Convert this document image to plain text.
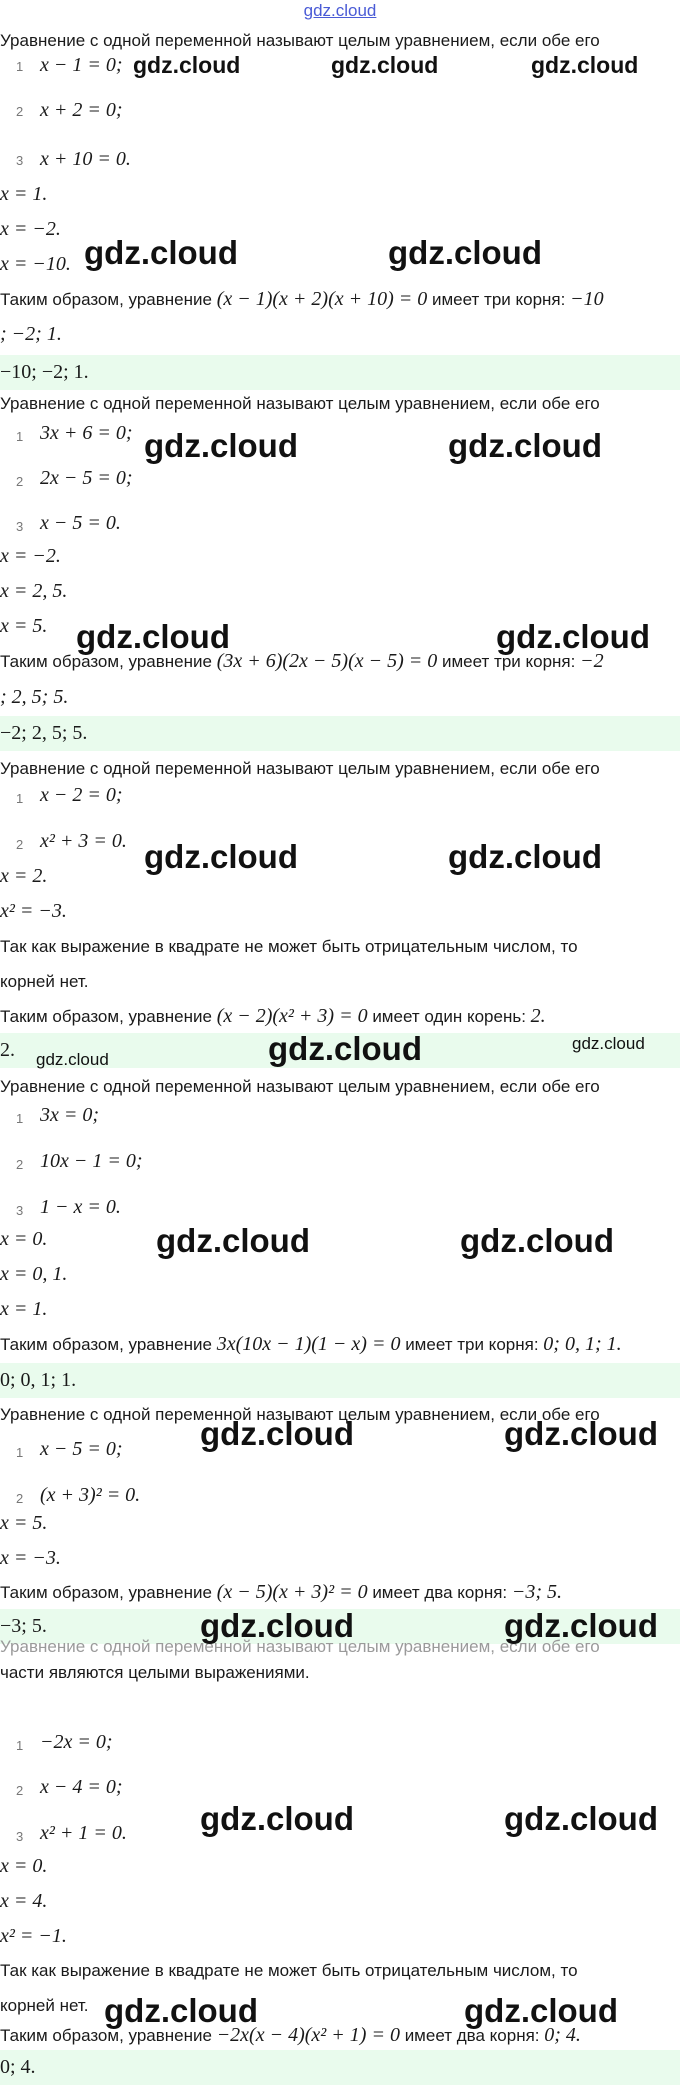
gdz.cloud
Уравнение с одной переменной называют целым уравнением, если обе его
1 x − 1 = 0;
2 x + 2 = 0;
3 x + 10 = 0.
x = 1.
x = −2.
x = −10.
Таким образом, уравнение (x − 1)(x + 2)(x + 10) = 0 имеет три корня: −10
; −2; 1.
−10; −2; 1.
Уравнение с одной переменной называют целым уравнением, если обе его
1 3x + 6 = 0;
2 2x − 5 = 0;
3 x − 5 = 0.
x = −2.
x = 2, 5.
x = 5.
Таким образом, уравнение (3x + 6)(2x − 5)(x − 5) = 0 имеет три корня: −2
; 2, 5; 5.
−2; 2, 5; 5.
Уравнение с одной переменной называют целым уравнением, если обе его
1 x − 2 = 0;
2 x² + 3 = 0.
x = 2.
x² = −3.
Так как выражение в квадрате не может быть отрицательным числом, то
корней нет.
Таким образом, уравнение (x − 2)(x² + 3) = 0 имеет один корень: 2.
2.
Уравнение с одной переменной называют целым уравнением, если обе его
1 3x = 0;
2 10x − 1 = 0;
3 1 − x = 0.
x = 0.
x = 0, 1.
x = 1.
Таким образом, уравнение 3x(10x − 1)(1 − x) = 0 имеет три корня: 0; 0, 1; 1.
0; 0, 1; 1.
Уравнение с одной переменной называют целым уравнением, если обе его
1 x − 5 = 0;
2 (x + 3)² = 0.
x = 5.
x = −3.
Таким образом, уравнение (x − 5)(x + 3)² = 0 имеет два корня: −3; 5.
−3; 5.
Уравнение с одной переменной называют целым уравнением, если обе его
части являются целыми выражениями.
1 −2x = 0;
2 x − 4 = 0;
3 x² + 1 = 0.
x = 0.
x = 4.
x² = −1.
Так как выражение в квадрате не может быть отрицательным числом, то
корней нет.
Таким образом, уравнение −2x(x − 4)(x² + 1) = 0 имеет два корня: 0; 4.
0; 4.
gdz.cloud	gdz.cloud	gdz.cloud
gdz.cloud	gdz.cloud
gdz.cloud	gdz.cloud
gdz.cloud	gdz.cloud
gdz.cloud	gdz.cloud
gdz.cloud	gdz.cloud	gdz.cloud
gdz.cloud	gdz.cloud
gdz.cloud	gdz.cloud
gdz.cloud	gdz.cloud
gdz.cloud	gdz.cloud
gdz.cloud	gdz.cloud
